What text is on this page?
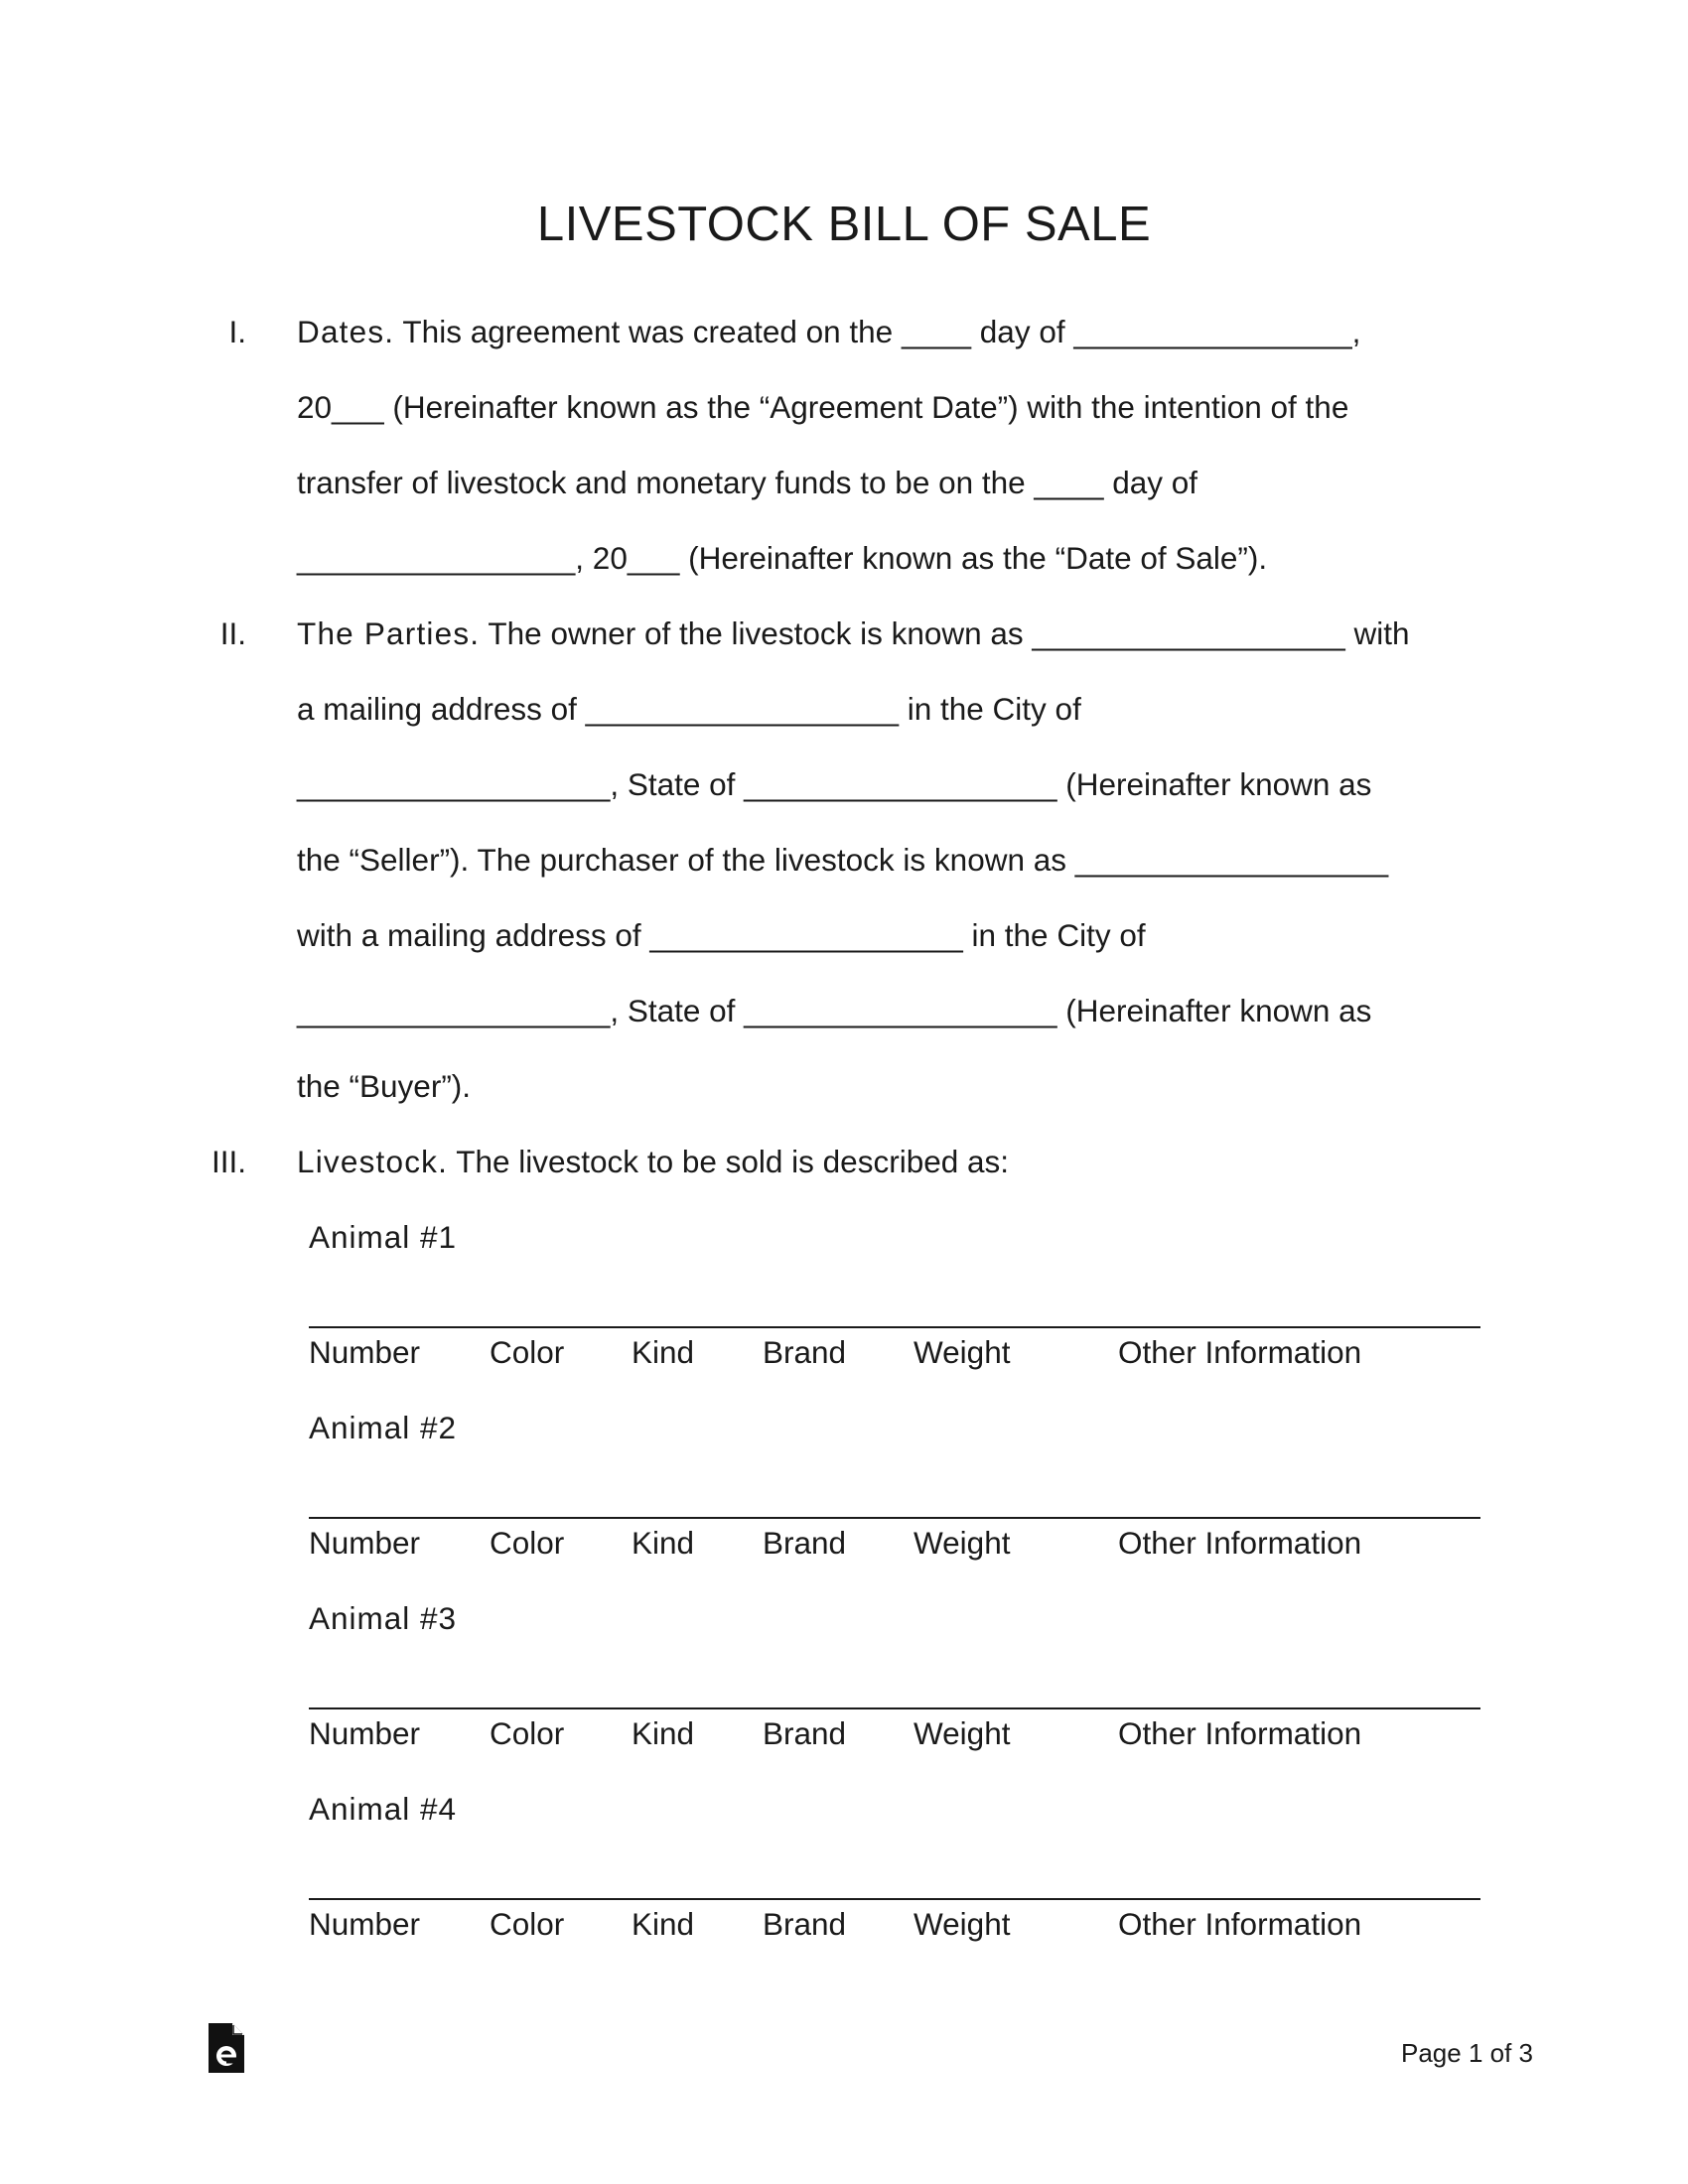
LIVESTOCK BILL OF SALE
I. Dates. This agreement was created on the ____ day of ________________,
20___ (Hereinafter known as the “Agreement Date”) with the intention of the
transfer of livestock and monetary funds to be on the ____ day of
________________, 20___ (Hereinafter known as the “Date of Sale”).
II. The Parties. The owner of the livestock is known as __________________ with
a mailing address of __________________ in the City of
__________________, State of __________________ (Hereinafter known as
the “Seller”). The purchaser of the livestock is known as __________________
with a mailing address of __________________ in the City of
__________________, State of __________________ (Hereinafter known as
the “Buyer”).
III. Livestock. The livestock to be sold is described as:
Animal #1
Number Color Kind Brand Weight	Other Information
Animal #2
Number Color Kind Brand Weight	Other Information
Animal #3
Number Color Kind Brand Weight	Other Information
Animal #4
Number Color Kind Brand Weight	Other Information
Page 1 of 3
